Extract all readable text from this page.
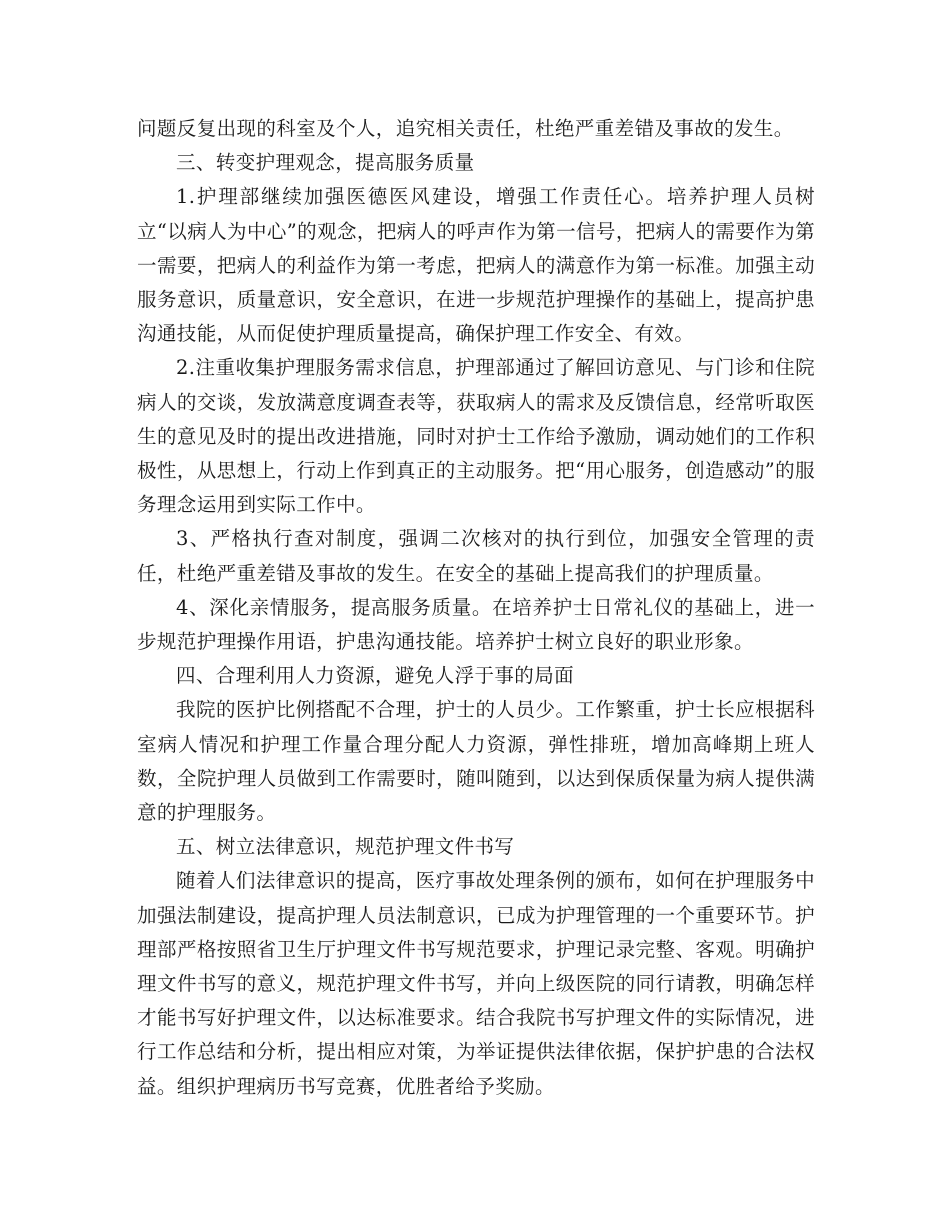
问题反复出现的科室及个人，追究相关责任，杜绝严重差错及事故的发生。

三、转变护理观念，提高服务质量

1.护理部继续加强医德医风建设，增强工作责任心。培养护理人员树立“以病人为中心”的观念，把病人的呼声作为第一信号，把病人的需要作为第一需要，把病人的利益作为第一考虑，把病人的满意作为第一标准。加强主动服务意识，质量意识，安全意识，在进一步规范护理操作的基础上，提高护患沟通技能，从而促使护理质量提高，确保护理工作安全、有效。

2.注重收集护理服务需求信息，护理部通过了解回访意见、与门诊和住院病人的交谈，发放满意度调查表等，获取病人的需求及反馈信息，经常听取医生的意见及时的提出改进措施，同时对护士工作给予激励，调动她们的工作积极性，从思想上，行动上作到真正的主动服务。把“用心服务，创造感动”的服务理念运用到实际工作中。

3、严格执行查对制度，强调二次核对的执行到位，加强安全管理的责任，杜绝严重差错及事故的发生。在安全的基础上提高我们的护理质量。

4、深化亲情服务，提高服务质量。在培养护士日常礼仪的基础上，进一步规范护理操作用语，护患沟通技能。培养护士树立良好的职业形象。

四、合理利用人力资源，避免人浮于事的局面

我院的医护比例搭配不合理，护士的人员少。工作繁重，护士长应根据科室病人情况和护理工作量合理分配人力资源，弹性排班，增加高峰期上班人数，全院护理人员做到工作需要时，随叫随到，以达到保质保量为病人提供满意的护理服务。

五、树立法律意识，规范护理文件书写

随着人们法律意识的提高，医疗事故处理条例的颁布，如何在护理服务中加强法制建设，提高护理人员法制意识，已成为护理管理的一个重要环节。护理部严格按照省卫生厅护理文件书写规范要求，护理记录完整、客观。明确护理文件书写的意义，规范护理文件书写，并向上级医院的同行请教，明确怎样才能书写好护理文件，以达标准要求。结合我院书写护理文件的实际情况，进行工作总结和分析，提出相应对策，为举证提供法律依据，保护护患的合法权益。组织护理病历书写竞赛，优胜者给予奖励。
